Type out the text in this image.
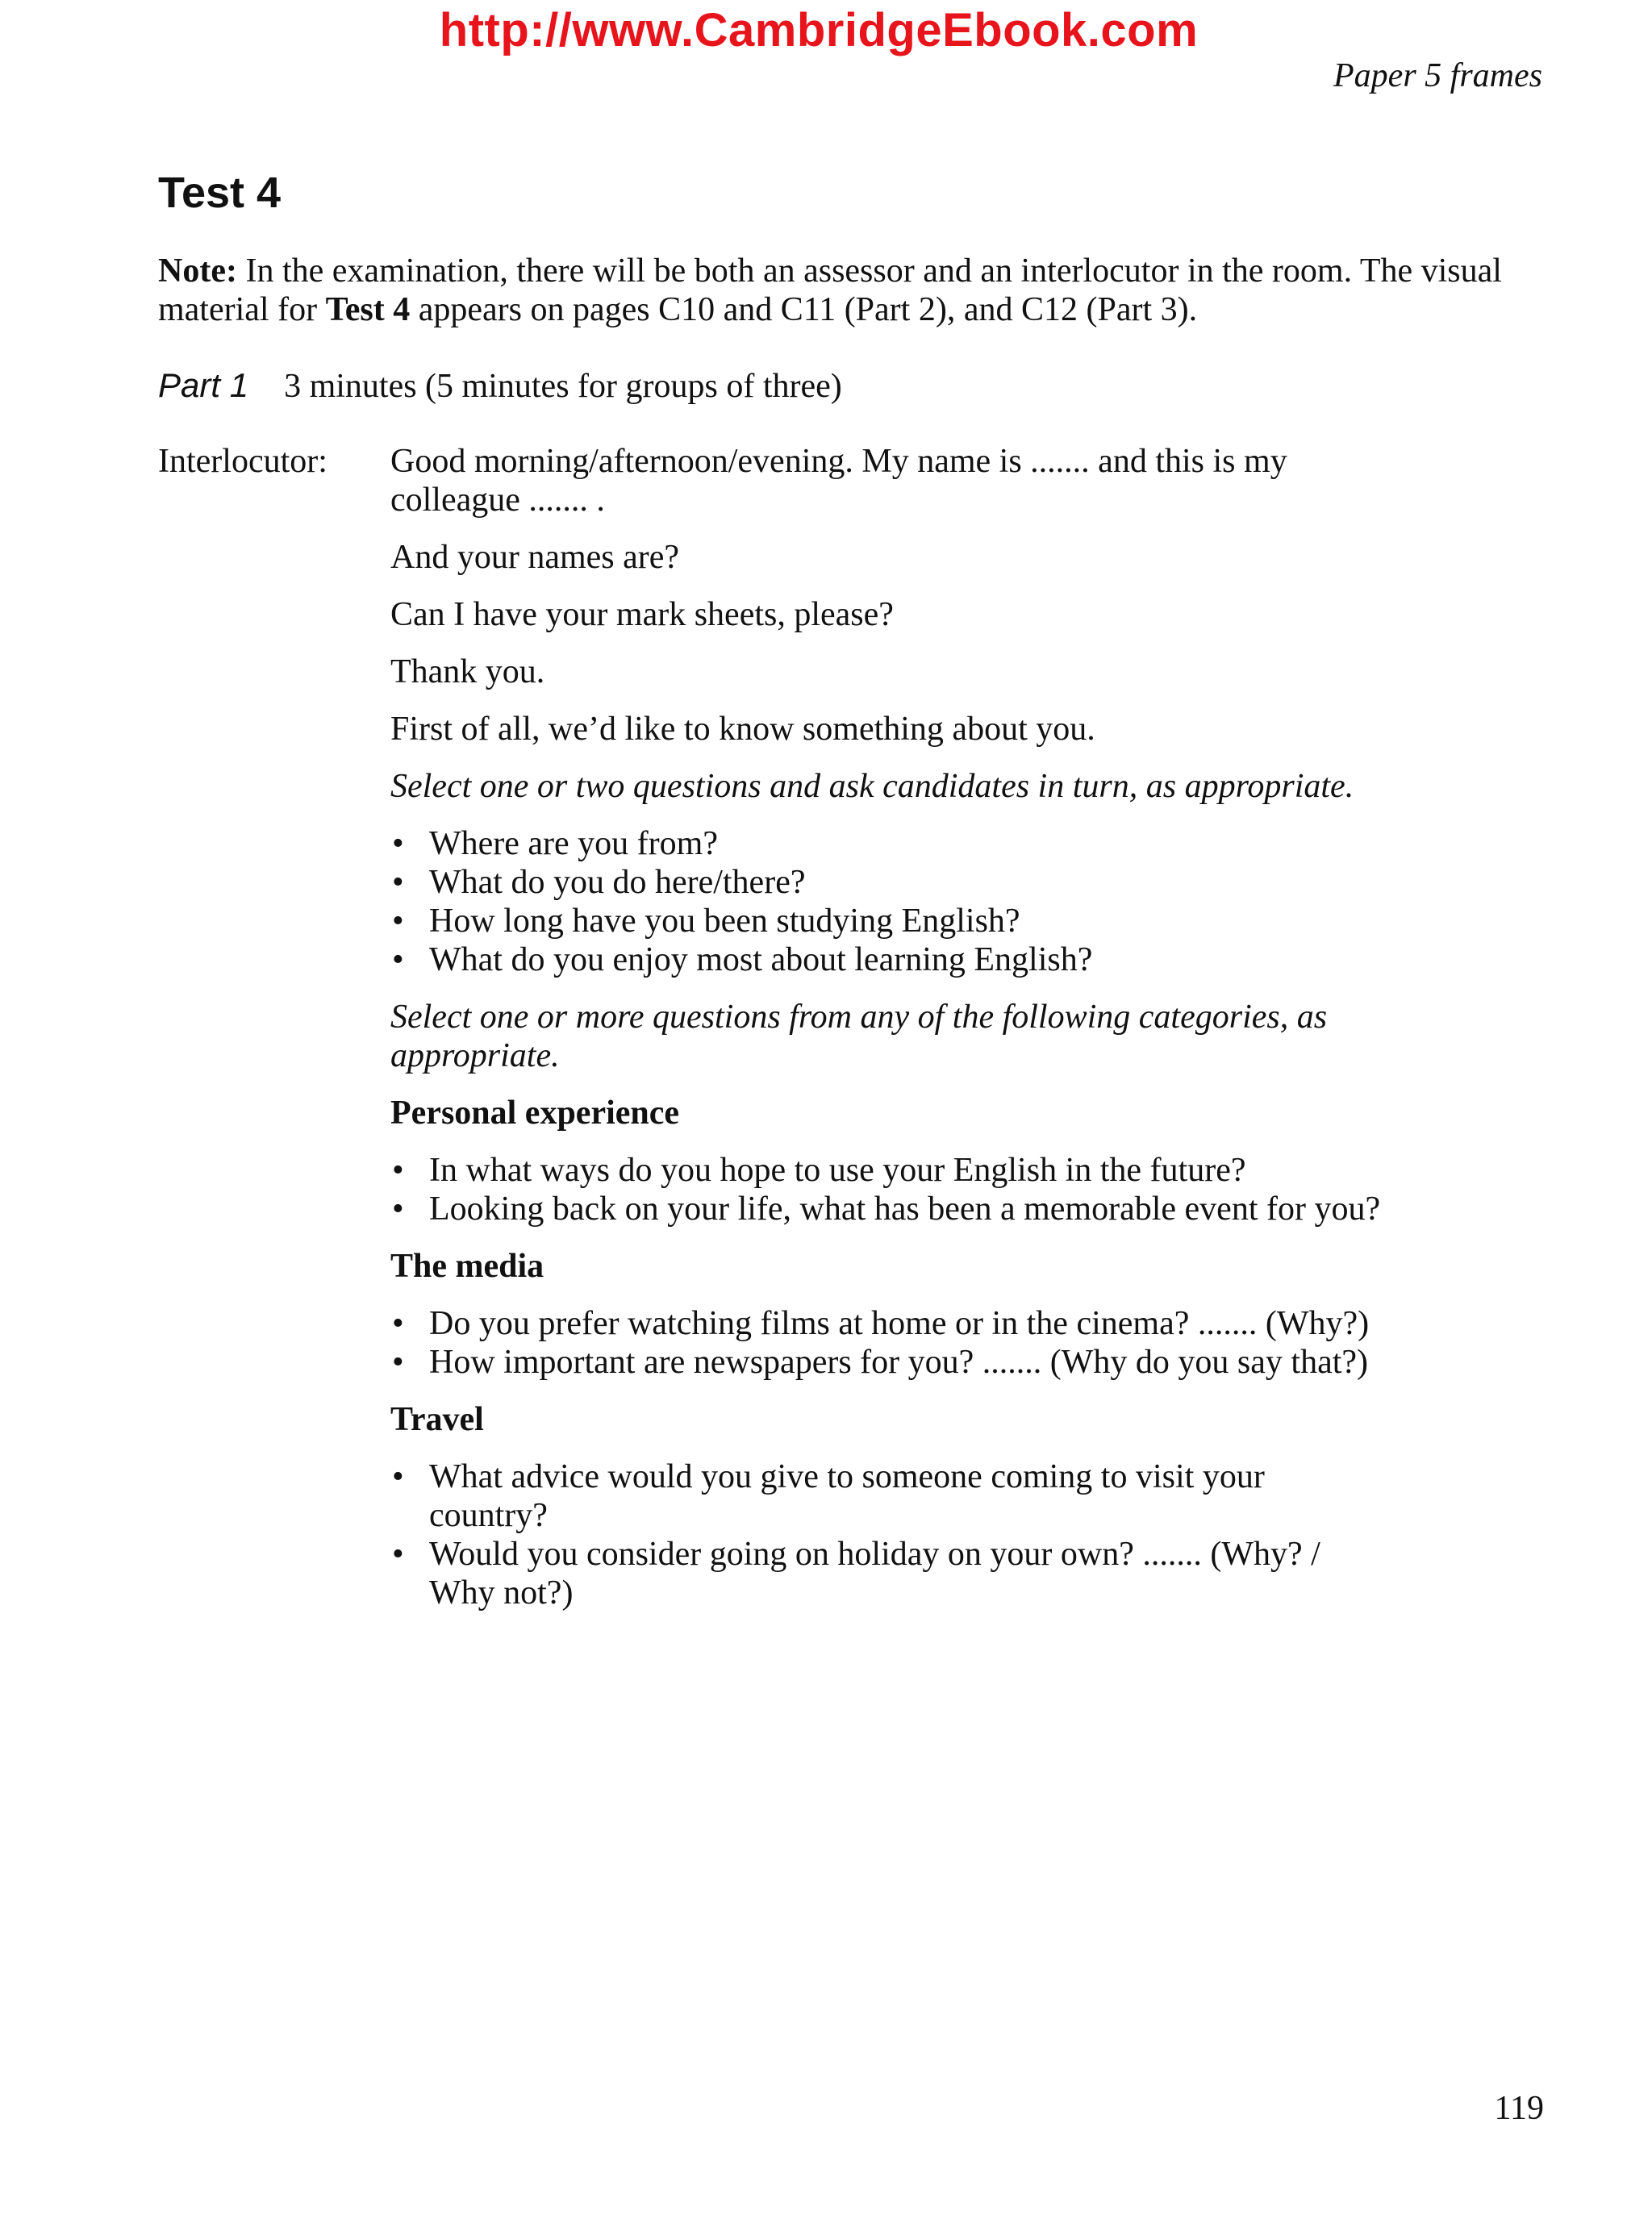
http://www.CambridgeEbook.com
Paper 5 frames
Test 4
Note: In the examination, there will be both an assessor and an interlocutor in the room. The visual material for Test 4 appears on pages C10 and C11 (Part 2), and C12 (Part 3).
Part 1 3 minutes (5 minutes for groups of three)
Interlocutor: Good morning/afternoon/evening. My name is ....... and this is my colleague ....... .

And your names are?

Can I have your mark sheets, please?

Thank you.

First of all, we’d like to know something about you.

Select one or two questions and ask candidates in turn, as appropriate.

• Where are you from?
• What do you do here/there?
• How long have you been studying English?
• What do you enjoy most about learning English?

Select one or more questions from any of the following categories, as appropriate.

Personal experience

• In what ways do you hope to use your English in the future?
• Looking back on your life, what has been a memorable event for you?

The media

• Do you prefer watching films at home or in the cinema? ....... (Why?)
• How important are newspapers for you? ....... (Why do you say that?)

Travel

• What advice would you give to someone coming to visit your country?
• Would you consider going on holiday on your own? ....... (Why? / Why not?)
119
